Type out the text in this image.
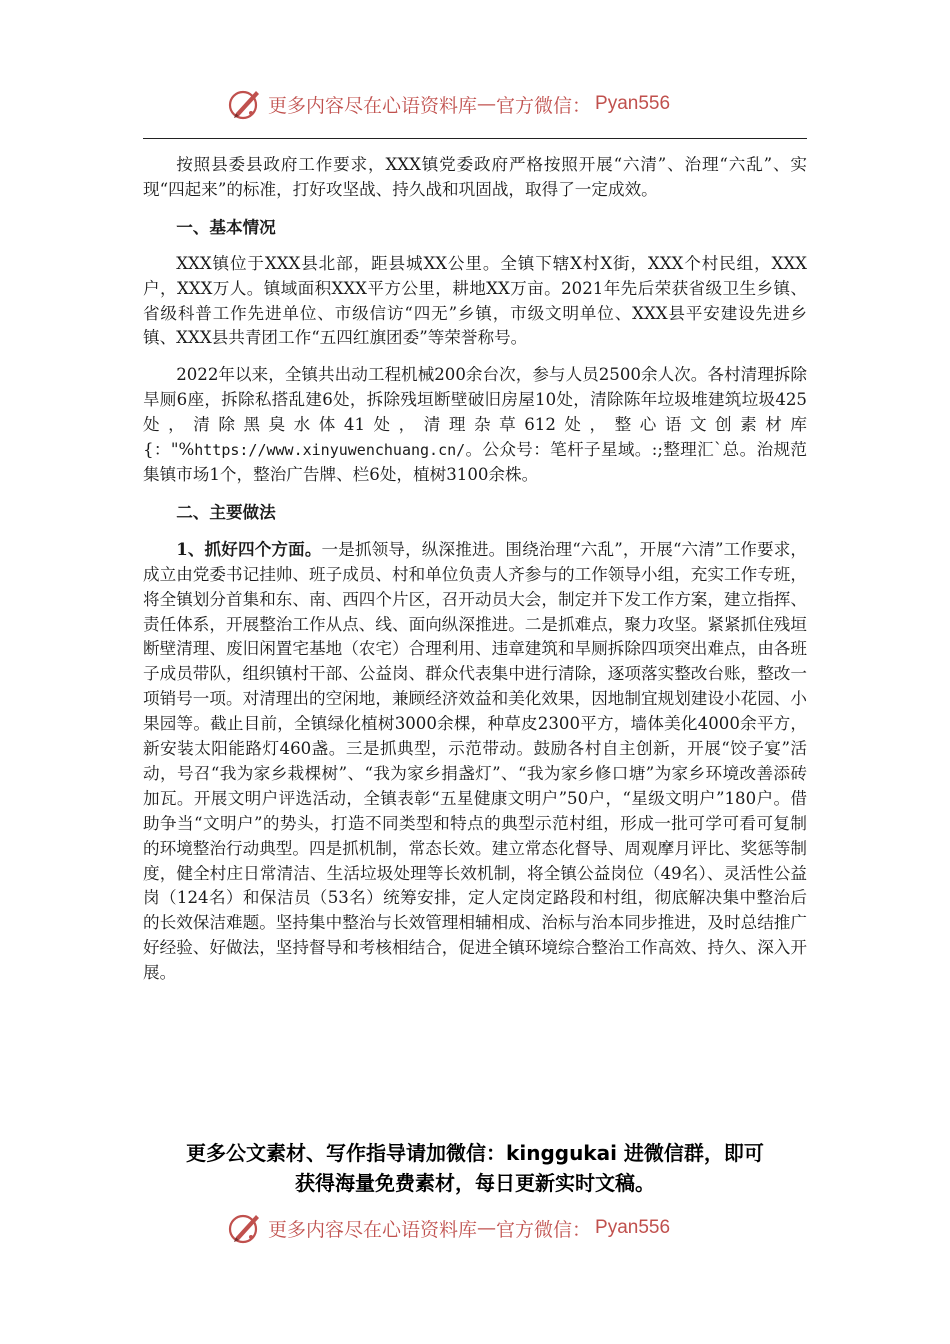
更多内容尽在心语资料库 — 官方微信： Pyan556

按照县委县政府工作要求，XXX镇党委政府严格按照开展“六清”、治理“六乱”、实现“四起来”的标准，打好攻坚战、持久战和巩固战，取得了一定成效。

一、基本情况

XXX镇位于XXX县北部，距县城XX公里。全镇下辖X村X街，XXX个村民组，XXX户，XXX万人。镇域面积XXX平方公里，耕地XX万亩。2021年先后荣获省级卫生乡镇、省级科普工作先进单位、市级信访“四无”乡镇，市级文明单位、XXX县平安建设先进乡镇、XXX县共青团工作“五四红旗团委”等荣誉称号。

2022年以来，全镇共出动工程机械200余台次，参与人员2500余人次。各村清理拆除旱厕6座，拆除私搭乱建6处，拆除残垣断壁破旧房屋10处，清除陈年垃圾堆建筑垃圾425处，清除黑臭水体41处，清理杂草612处，整心语文创素材库{："%https://www.xinyuwenchuang.cn/。公众号：笔杆子星域。:;整理汇`总。治规范集镇市场1个，整治广告牌、栏6处，植树3100余株。

二、主要做法

1、抓好四个方面。一是抓领导，纵深推进。围绕治理“六乱”，开展“六清”工作要求，成立由党委书记挂帅、班子成员、村和单位负责人齐参与的工作领导小组，充实工作专班，将全镇划分首集和东、南、西四个片区，召开动员大会，制定并下发工作方案，建立指挥、责任体系，开展整治工作从点、线、面向纵深推进。二是抓难点，聚力攻坚。紧紧抓住残垣断壁清理、废旧闲置宅基地（农宅）合理利用、违章建筑和旱厕拆除四项突出难点，由各班子成员带队，组织镇村干部、公益岗、群众代表集中进行清除，逐项落实整改台账，整改一项销号一项。对清理出的空闲地，兼顾经济效益和美化效果，因地制宜规划建设小花园、小果园等。截止目前，全镇绿化植树3000余棵，种草皮2300平方，墙体美化4000余平方，新安装太阳能路灯460盏。三是抓典型，示范带动。鼓励各村自主创新，开展“饺子宴”活动，号召“我为家乡栽棵树”、“我为家乡捐盏灯”、“我为家乡修口塘”为家乡环境改善添砖加瓦。开展文明户评选活动，全镇表彰“五星健康文明户”50户，“星级文明户”180户。借助争当“文明户”的势头，打造不同类型和特点的典型示范村组，形成一批可学可看可复制的环境整治行动典型。四是抓机制，常态长效。建立常态化督导、周观摩月评比、奖惩等制度，健全村庄日常清洁、生活垃圾处理等长效机制，将全镇公益岗位（49名）、灵活性公益岗（124名）和保洁员（53名）统筹安排，定人定岗定路段和村组，彻底解决集中整治后的长效保洁难题。坚持集中整治与长效管理相辅相成、治标与治本同步推进，及时总结推广好经验、好做法，坚持督导和考核相结合，促进全镇环境综合整治工作高效、持久、深入开展。

更多公文素材、写作指导请加微信：kinggukai 进微信群，即可
获得海量免费素材，每日更新实时文稿。
更多内容尽在心语资料库 — 官方微信： Pyan556
